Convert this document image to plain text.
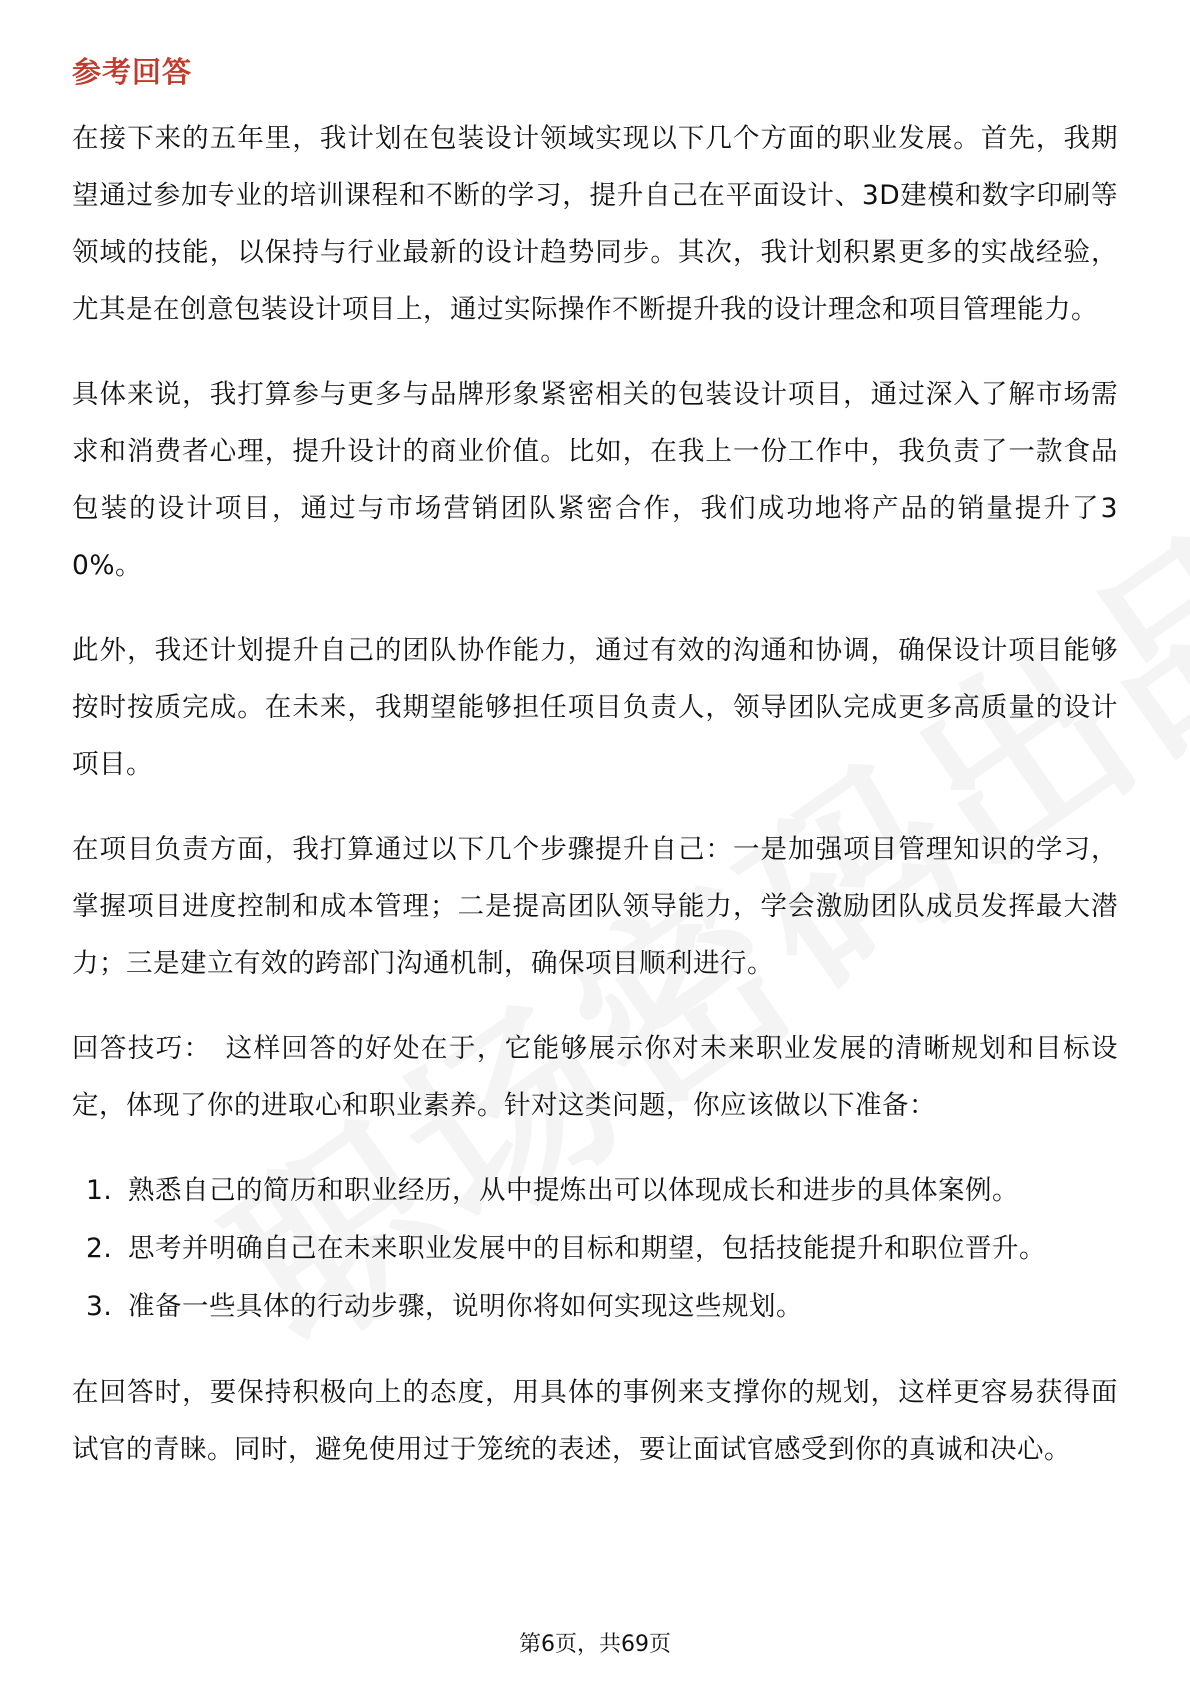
参考回答

在接下来的五年里，我计划在包装设计领域实现以下几个方面的职业发展。首先，我期望通过参加专业的培训课程和不断的学习，提升自己在平面设计、3D建模和数字印刷等领域的技能，以保持与行业最新的设计趋势同步。其次，我计划积累更多的实战经验，尤其是在创意包装设计项目上，通过实际操作不断提升我的设计理念和项目管理能力。

具体来说，我打算参与更多与品牌形象紧密相关的包装设计项目，通过深入了解市场需求和消费者心理，提升设计的商业价值。比如，在我上一份工作中，我负责了一款食品包装的设计项目，通过与市场营销团队紧密合作，我们成功地将产品的销量提升了30%。

此外，我还计划提升自己的团队协作能力，通过有效的沟通和协调，确保设计项目能够按时按质完成。在未来，我期望能够担任项目负责人，领导团队完成更多高质量的设计项目。

在项目负责方面，我打算通过以下几个步骤提升自己：一是加强项目管理知识的学习，掌握项目进度控制和成本管理；二是提高团队领导能力，学会激励团队成员发挥最大潜力；三是建立有效的跨部门沟通机制，确保项目顺利进行。

回答技巧： 这样回答的好处在于，它能够展示你对未来职业发展的清晰规划和目标设定，体现了你的进取心和职业素养。针对这类问题，你应该做以下准备：

1. 熟悉自己的简历和职业经历，从中提炼出可以体现成长和进步的具体案例。
2. 思考并明确自己在未来职业发展中的目标和期望，包括技能提升和职位晋升。
3. 准备一些具体的行动步骤，说明你将如何实现这些规划。

在回答时，要保持积极向上的态度，用具体的事例来支撑你的规划，这样更容易获得面试官的青睐。同时，避免使用过于笼统的表述，要让面试官感受到你的真诚和决心。

第6页，共69页
